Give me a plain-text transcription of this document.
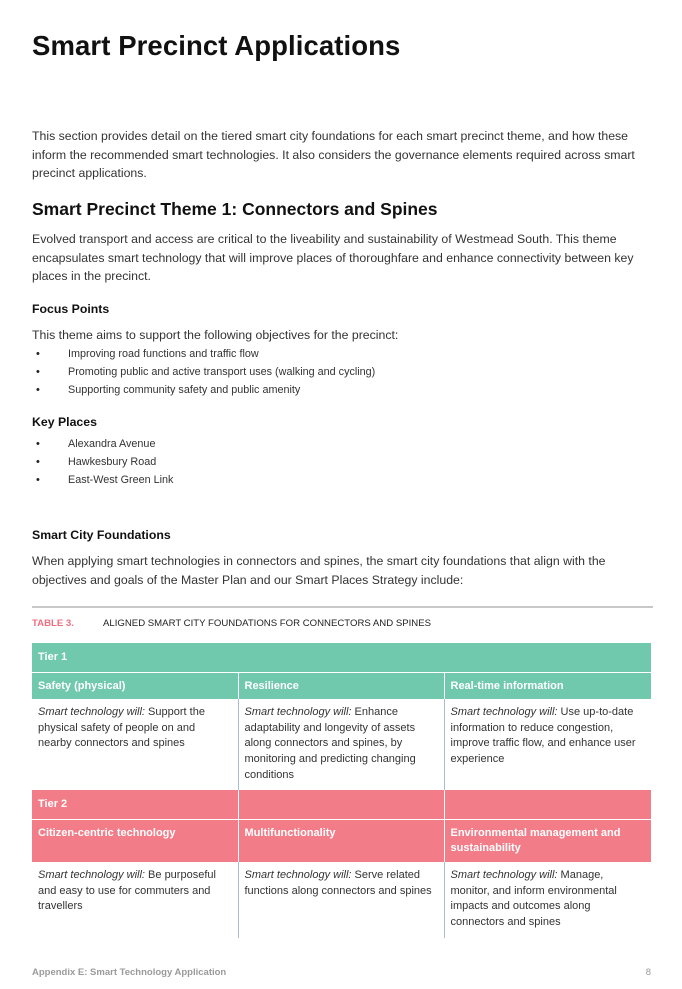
Smart Precinct Applications

This section provides detail on the tiered smart city foundations for each smart precinct theme, and how these inform the recommended smart technologies. It also considers the governance elements required across smart precinct applications.

Smart Precinct Theme 1: Connectors and Spines

Evolved transport and access are critical to the liveability and sustainability of Westmead South. This theme encapsulates smart technology that will improve places of thoroughfare and enhance connectivity between key places in the precinct.

Focus Points

This theme aims to support the following objectives for the precinct:

• Improving road functions and traffic flow
• Promoting public and active transport uses (walking and cycling)
• Supporting community safety and public amenity
Key Places
• Alexandra Avenue
• Hawkesbury Road
• East-West Green Link
Smart City Foundations

When applying smart technologies in connectors and spines, the smart city foundations that align with the objectives and goals of the Master Plan and our Smart Places Strategy include:

TABLE 3.	ALIGNED SMART CITY FOUNDATIONS FOR CONNECTORS AND SPINES
Tier 1		
Safety (physical)	Resilience	Real-time information
Smart technology will: Support the physical safety of people on and nearby connectors and spines	Smart technology will: Enhance adaptability and longevity of assets along connectors and spines, by monitoring and predicting changing conditions	Smart technology will: Use up-to-date information to reduce congestion, improve traffic flow, and enhance user experience
Tier 2		
Citizen-centric technology	Multifunctionality	Environmental management and sustainability
Smart technology will: Be purposeful and easy to use for commuters and travellers	Smart technology will: Serve related functions along connectors and spines	Smart technology will: Manage, monitor, and inform environmental impacts and outcomes along connectors and spines
Appendix E: Smart Technology Application	8
